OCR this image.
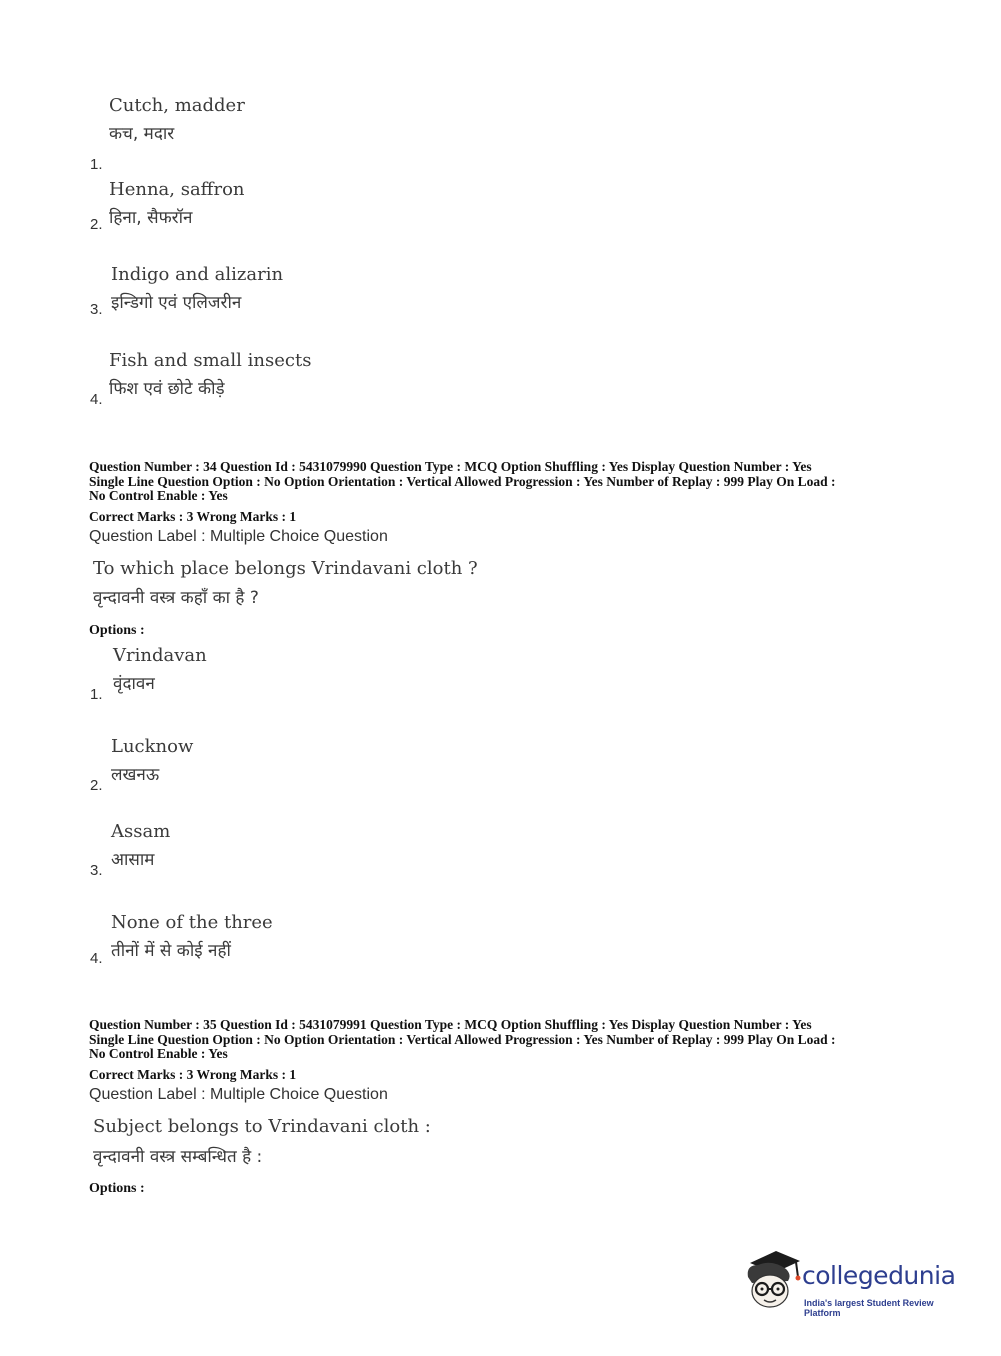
Cutch, madder
कच, मदार
1.
Henna, saffron
हिना, सैफरॉन
2.
Indigo and alizarin
इन्डिगो एवं एलिजरीन
3.
Fish and small insects
फिश एवं छोटे कीड़े
4.
Question Number : 34 Question Id : 5431079990 Question Type : MCQ Option Shuffling : Yes Display Question Number : Yes
Single Line Question Option : No Option Orientation : Vertical Allowed Progression : Yes Number of Replay : 999 Play On Load :
No Control Enable : Yes
Correct Marks : 3 Wrong Marks : 1
Question Label : Multiple Choice Question
To which place belongs Vrindavani cloth ?
वृन्दावनी वस्त्र कहाँ का है ?
Options :
Vrindavan
वृंदावन
1.
Lucknow
लखनऊ
2.
Assam
आसाम
3.
None of the three
तीनों में से कोई नहीं
4.
Question Number : 35 Question Id : 5431079991 Question Type : MCQ Option Shuffling : Yes Display Question Number : Yes
Single Line Question Option : No Option Orientation : Vertical Allowed Progression : Yes Number of Replay : 999 Play On Load :
No Control Enable : Yes
Correct Marks : 3 Wrong Marks : 1
Question Label : Multiple Choice Question
Subject belongs to Vrindavani cloth :
वृन्दावनी वस्त्र सम्बन्धित है :
Options :
collegedunia
India's largest Student Review Platform
